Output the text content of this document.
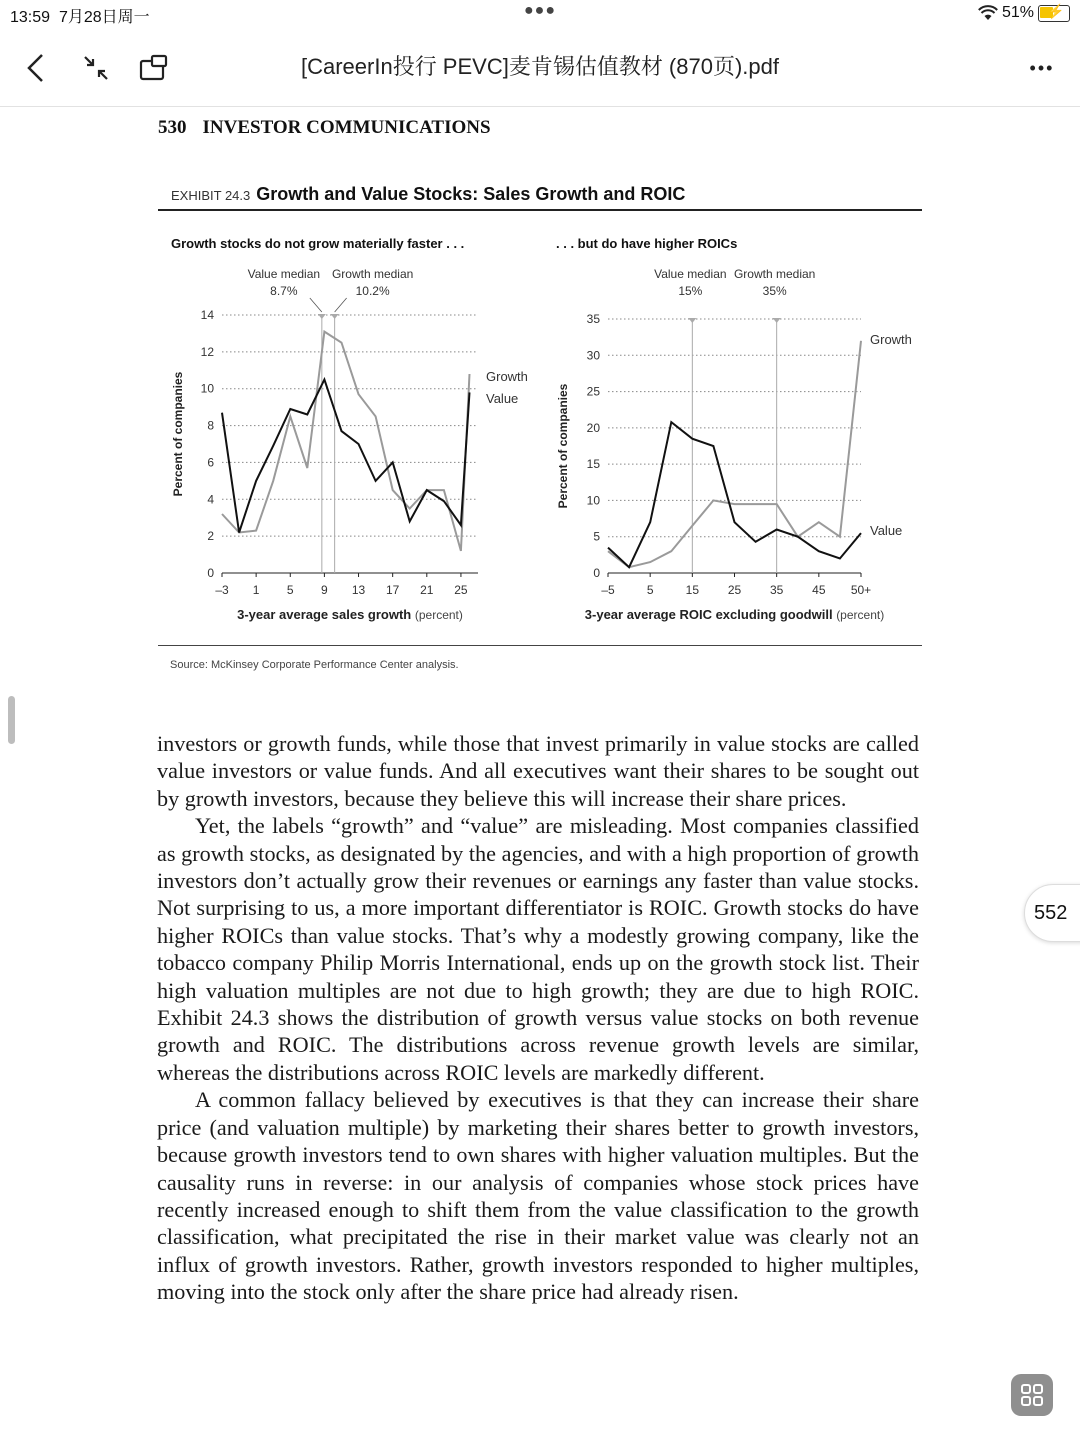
13:59 7月28日周一	●●●	51% ⚡
[CareerIn投行 PEVC]麦肯锡估值教材 (870页).pdf	•••
530 INVESTOR COMMUNICATIONS
EXHIBIT 24.3 Growth and Value Stocks: Sales Growth and ROIC
Growth stocks do not grow materially faster . . .	. . . but do have higher ROICs
0
2
4
6
8
10
12
14
–3 1 5 9 13 17 21 25
Percent of companies
3-year average sales growth (percent)
Value median
8.7%
Growth median
10.2%
Growth
Value
0
5
10
15
20
25
30
35
–5	5	15 25 35 45 50+
Percent of companies
3-year average ROIC excluding goodwill (percent)
Value median
15%
Growth median
35%
Growth
Value
Source: McKinsey Corporate Performance Center analysis.

investors or growth funds, while those that invest primarily in value stocks are called value investors or value funds. And all executives want their shares to be sought out by growth investors, because they believe this will increase their share prices.

Yet, the labels “growth” and “value” are misleading. Most companies classified as growth stocks, as designated by the agencies, and with a high proportion of growth investors don’t actually grow their revenues or earnings any faster than value stocks. Not surprising to us, a more important differentiator is ROIC. Growth stocks do have higher ROICs than value stocks. That’s why a modestly growing company, like the tobacco company Philip Morris International, ends up on the growth stock list. Their high valuation multiples are not due to high growth; they are due to high ROIC. Exhibit 24.3 shows the distribution of growth versus value stocks on both revenue growth and ROIC. The distributions across revenue growth levels are similar, whereas the distributions across ROIC levels are markedly different.

A common fallacy believed by executives is that they can increase their share price (and valuation multiple) by marketing their shares better to growth investors, because growth investors tend to own shares with higher valuation multiples. But the causality runs in reverse: in our analysis of companies whose stock prices have recently increased enough to shift them from the value classification to the growth classification, what precipitated the rise in their market value was clearly not an influx of growth investors. Rather, growth investors responded to higher multiples, moving into the stock only after the share price had already risen.

552
